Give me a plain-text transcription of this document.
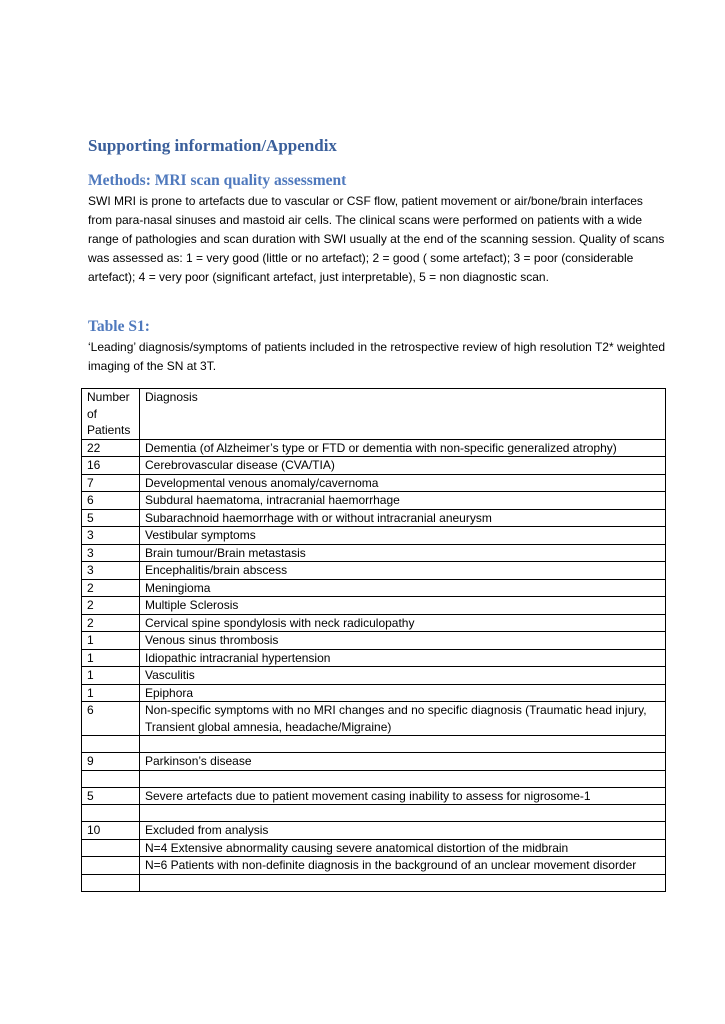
Supporting information/Appendix
Methods: MRI scan quality assessment

SWI MRI is prone to artefacts due to vascular or CSF flow, patient movement or air/bone/brain interfaces from para-nasal sinuses and mastoid air cells. The clinical scans were performed on patients with a wide range of pathologies and scan duration with SWI usually at the end of the scanning session. Quality of scans was assessed as: 1 = very good (little or no artefact); 2 = good ( some artefact); 3 = poor (considerable artefact); 4 = very poor (significant artefact, just interpretable), 5 = non diagnostic scan.

Table S1:

‘Leading’ diagnosis/symptoms of patients included in the retrospective review of high resolution T2* weighted imaging of the SN at 3T.

Number of Patients	Diagnosis
22	Dementia (of Alzheimer’s type or FTD or dementia with non-specific generalized atrophy)
16	Cerebrovascular disease (CVA/TIA)
7	Developmental venous anomaly/cavernoma
6	Subdural haematoma, intracranial haemorrhage
5	Subarachnoid haemorrhage with or without intracranial aneurysm
3	Vestibular symptoms
3	Brain tumour/Brain metastasis
3	Encephalitis/brain abscess
2	Meningioma
2	Multiple Sclerosis
2	Cervical spine spondylosis with neck radiculopathy
1	Venous sinus thrombosis
1	Idiopathic intracranial hypertension
1	Vasculitis
1	Epiphora
6	Non-specific symptoms with no MRI changes and no specific diagnosis (Traumatic head injury, Transient global amnesia, headache/Migraine)

9	Parkinson’s disease

5	Severe artefacts due to patient movement casing inability to assess for nigrosome-1

10	Excluded from analysis
	N=4 Extensive abnormality causing severe anatomical distortion of the midbrain
	N=6 Patients with non-definite diagnosis in the background of an unclear movement disorder
